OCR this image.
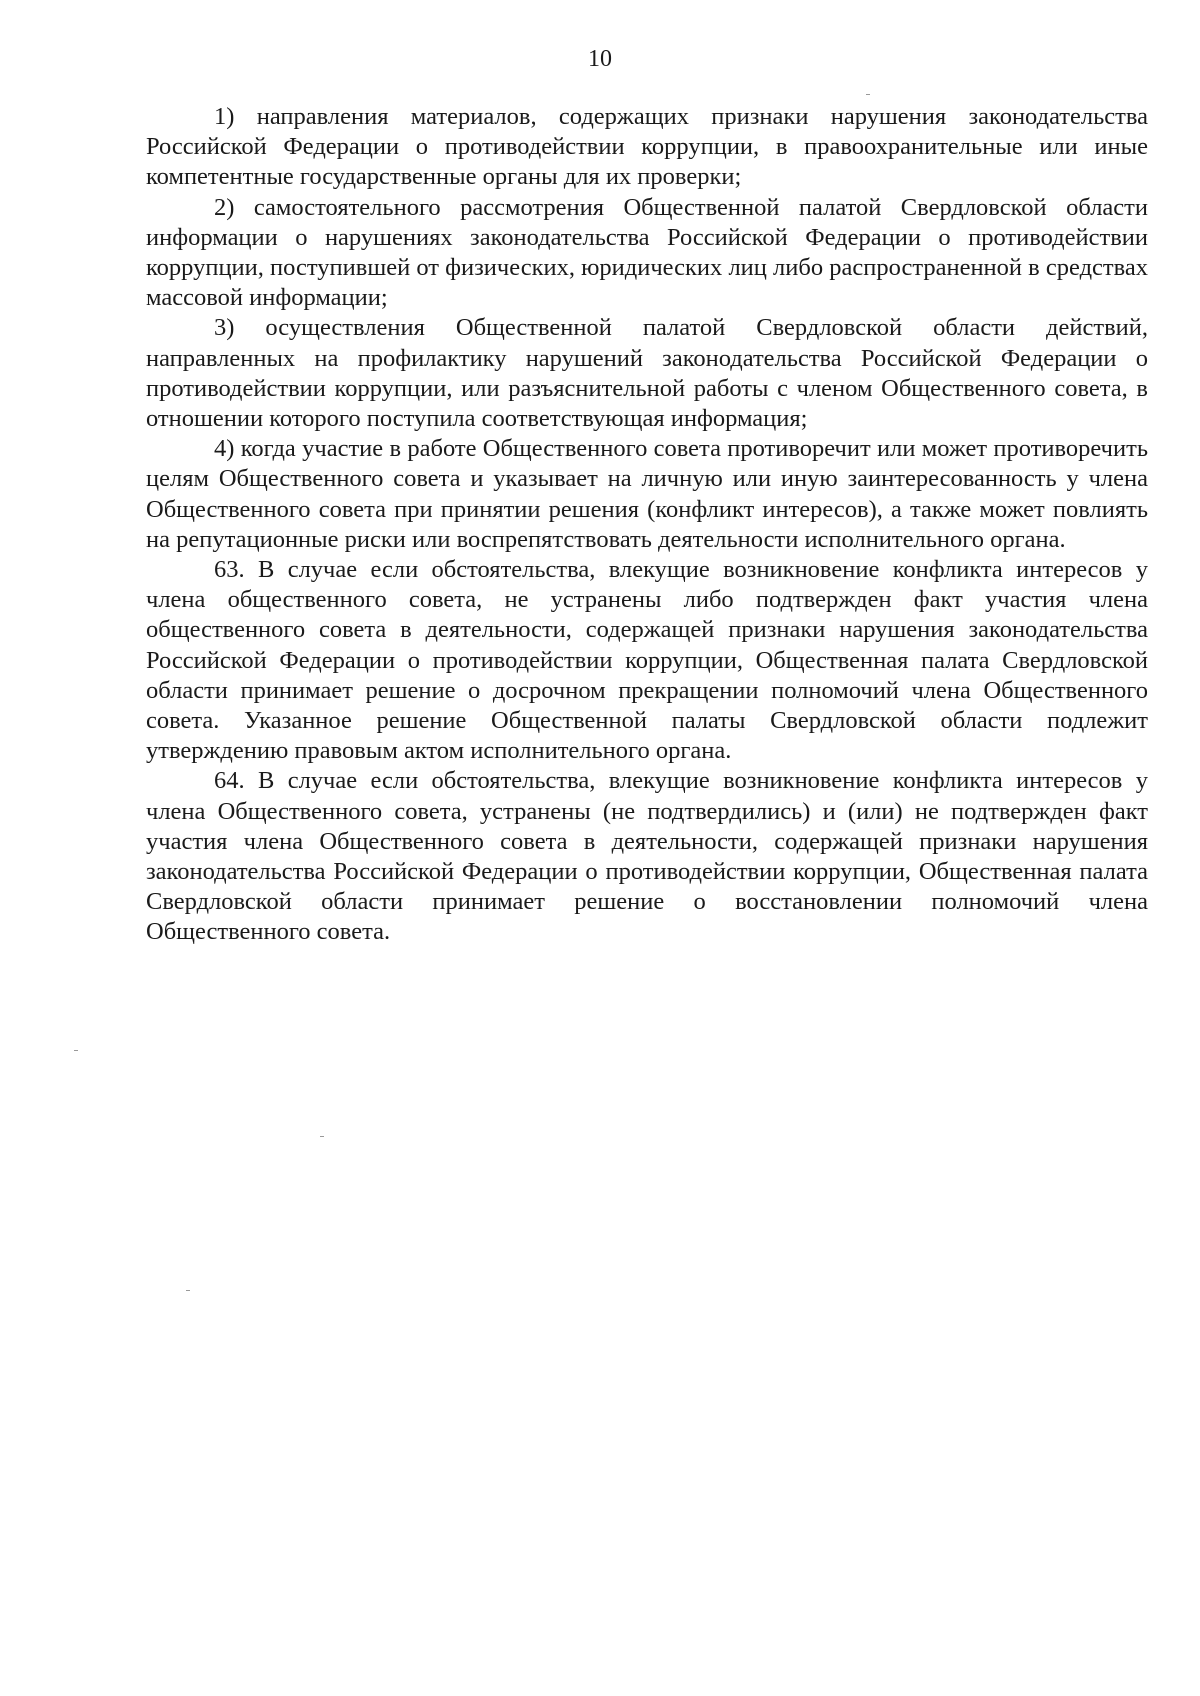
10

1) направления материалов, содержащих признаки нарушения законодательства Российской Федерации о противодействии коррупции, в правоохранительные или иные компетентные государственные органы для их проверки;

2) самостоятельного рассмотрения Общественной палатой Свердловской области информации о нарушениях законодательства Российской Федерации о противодействии коррупции, поступившей от физических, юридических лиц либо распространенной в средствах массовой информации;

3) осуществления Общественной палатой Свердловской области действий, направленных на профилактику нарушений законодательства Российской Федерации о противодействии коррупции, или разъяснительной работы с членом Общественного совета, в отношении которого поступила соответствующая информация;

4) когда участие в работе Общественного совета противоречит или может противоречить целям Общественного совета и указывает на личную или иную заинтересованность у члена Общественного совета при принятии решения (конфликт интересов), а также может повлиять на репутационные риски или воспрепятствовать деятельности исполнительного органа.

63. В случае если обстоятельства, влекущие возникновение конфликта интересов у члена общественного совета, не устранены либо подтвержден факт участия члена общественного совета в деятельности, содержащей признаки нарушения законодательства Российской Федерации о противодействии коррупции, Общественная палата Свердловской области принимает решение о досрочном прекращении полномочий члена Общественного совета. Указанное решение Общественной палаты Свердловской области подлежит утверждению правовым актом исполнительного органа.

64. В случае если обстоятельства, влекущие возникновение конфликта интересов у члена Общественного совета, устранены (не подтвердились) и (или) не подтвержден факт участия члена Общественного совета в деятельности, содержащей признаки нарушения законодательства Российской Федерации о противодействии коррупции, Общественная палата Свердловской области принимает решение о восстановлении полномочий члена Общественного совета.
